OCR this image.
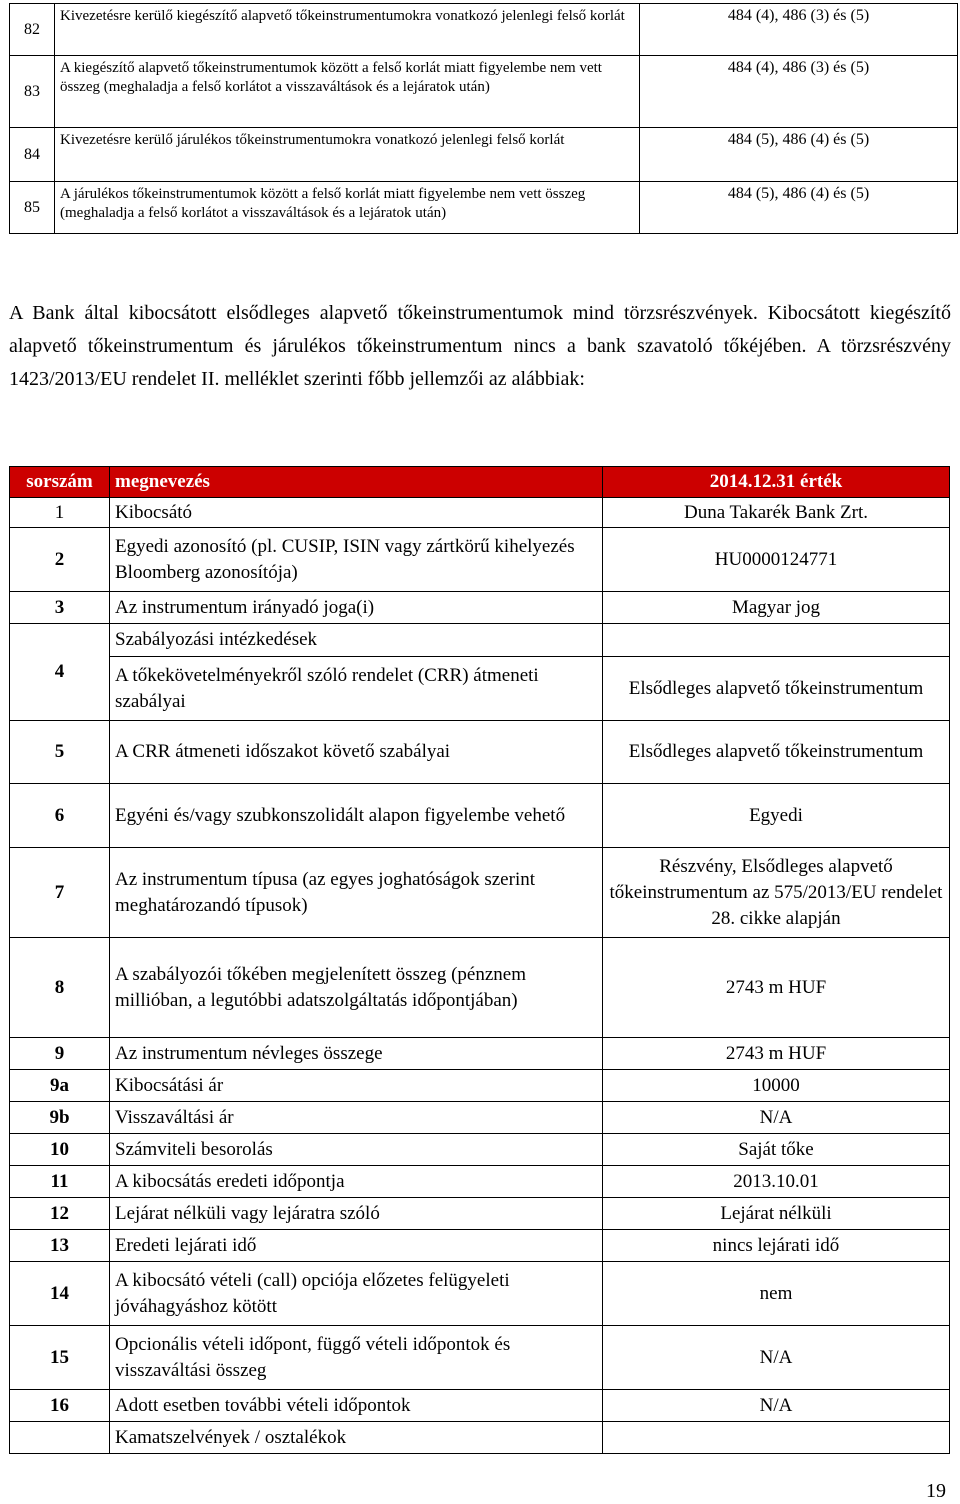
82	Kivezetésre kerülő kiegészítő alapvető tőkeinstrumentumokra vonatkozó jelenlegi felső korlát	484 (4), 486 (3) és (5)
83	A kiegészítő alapvető tőkeinstrumentumok között a felső korlát miatt figyelembe nem vett összeg (meghaladja a felső korlátot a visszaváltások és a lejáratok után)	484 (4), 486 (3) és (5)
84	Kivezetésre kerülő járulékos tőkeinstrumentumokra vonatkozó jelenlegi felső korlát	484 (5), 486 (4) és (5)
85	A járulékos tőkeinstrumentumok között a felső korlát miatt figyelembe nem vett összeg (meghaladja a felső korlátot a visszaváltások és a lejáratok után)	484 (5), 486 (4) és (5)
A Bank által kibocsátott elsődleges alapvető tőkeinstrumentumok mind törzsrészvények. Kibocsátott kiegészítő alapvető tőkeinstrumentum és járulékos tőkeinstrumentum nincs a bank szavatoló tőkéjében. A törzsrészvény 1423/2013/EU rendelet II. melléklet szerinti főbb jellemzői az alábbiak:
sorszám	megnevezés	2014.12.31 érték
1	Kibocsátó	Duna Takarék Bank Zrt.
2	Egyedi azonosító (pl. CUSIP, ISIN vagy zártkörű kihelyezés Bloomberg azonosítója)	HU0000124771
3	Az instrumentum irányadó joga(i)	Magyar jog
4	Szabályozási intézkedések	
	A tőkekövetelményekről szóló rendelet (CRR) átmeneti szabályai	Elsődleges alapvető tőkeinstrumentum
5	A CRR átmeneti időszakot követő szabályai	Elsődleges alapvető tőkeinstrumentum
6	Egyéni és/vagy szubkonszolidált alapon figyelembe vehető	Egyedi
7	Az instrumentum típusa (az egyes joghatóságok szerint meghatározandó típusok)	Részvény, Elsődleges alapvető tőkeinstrumentum az 575/2013/EU rendelet 28. cikke alapján
8	A szabályozói tőkében megjelenített összeg (pénznem millióban, a legutóbbi adatszolgáltatás időpontjában)	2743 m HUF
9	Az instrumentum névleges összege	2743 m HUF
9a	Kibocsátási ár	10000
9b	Visszaváltási ár	N/A
10	Számviteli besorolás	Saját tőke
11	A kibocsátás eredeti időpontja	2013.10.01
12	Lejárat nélküli vagy lejáratra szóló	Lejárat nélküli
13	Eredeti lejárati idő	nincs lejárati idő
14	A kibocsátó vételi (call) opciója előzetes felügyeleti jóváhagyáshoz kötött	nem
15	Opcionális vételi időpont, függő vételi időpontok és visszaváltási összeg	N/A
16	Adott esetben további vételi időpontok	N/A
	Kamatszelvények / osztalékok	
19
